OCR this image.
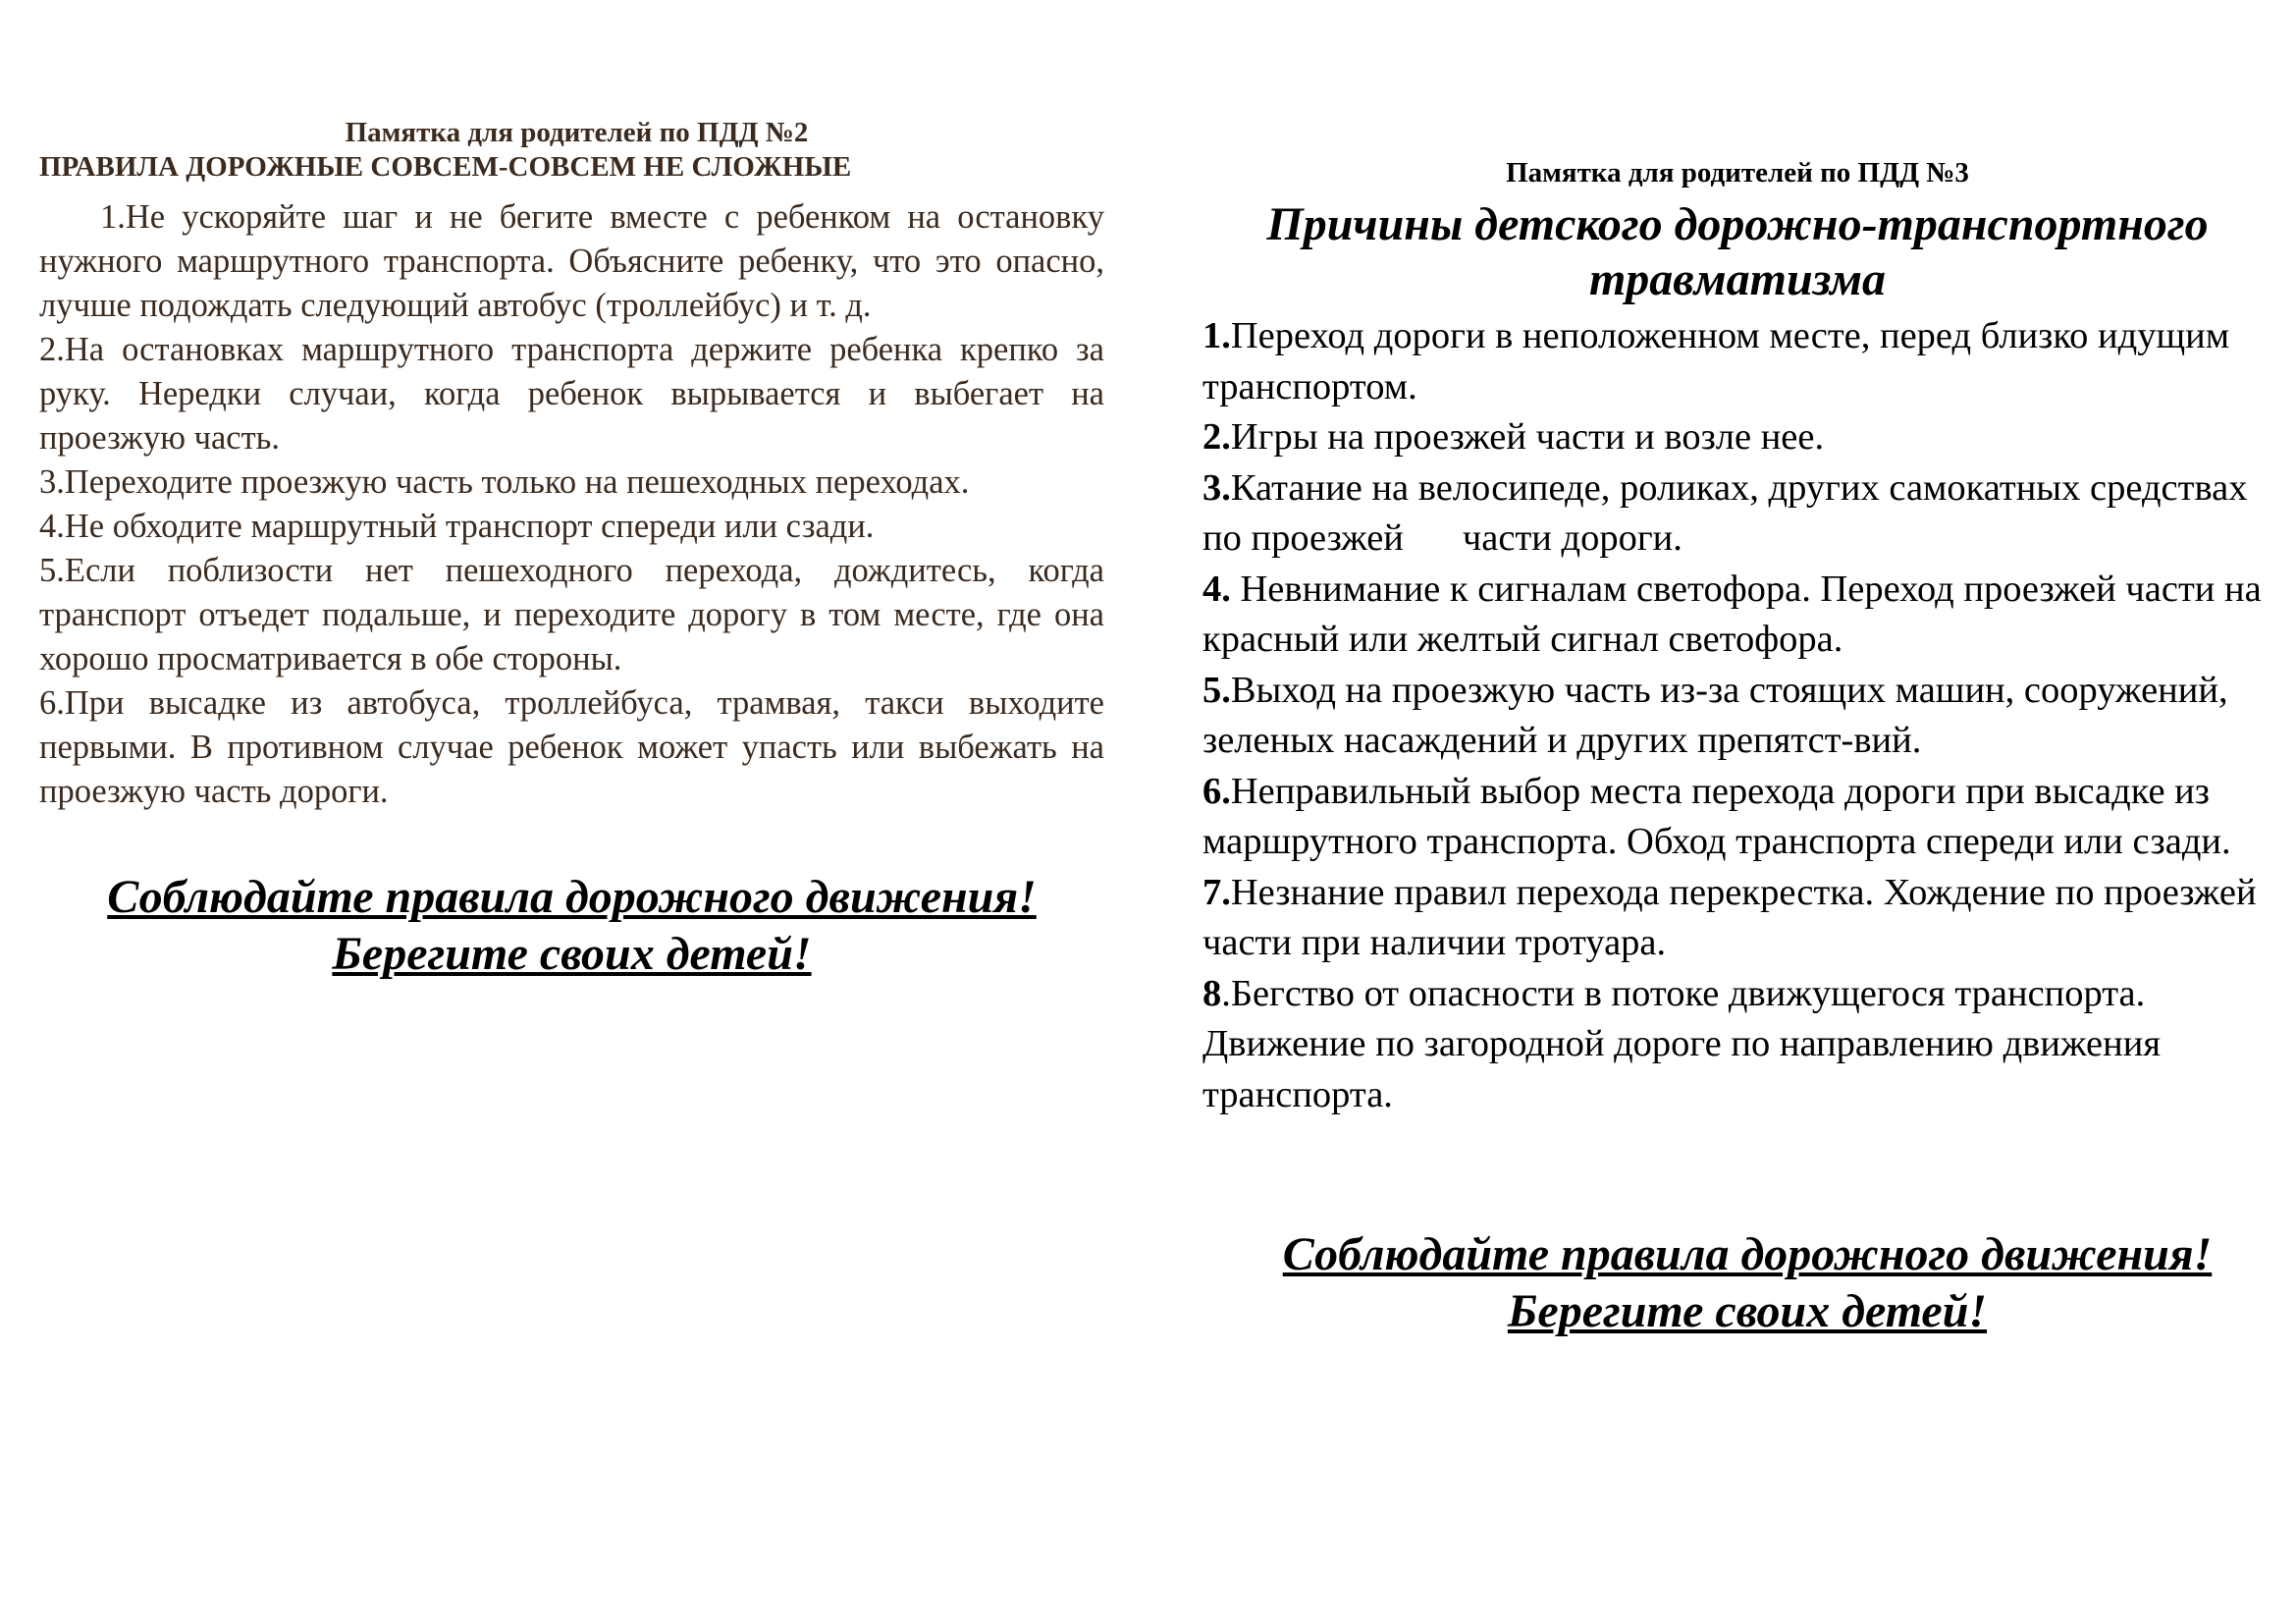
Памятка для родителей по ПДД №2
ПРАВИЛА ДОРОЖНЫЕ СОВСЕМ-СОВСЕМ НЕ СЛОЖНЫЕ

1.Не ускоряйте шаг и не бегите вместе с ребенком на остановку нужного маршрутного транспорта. Объясните ребенку, что это опасно, лучше подождать следующий автобус (троллейбус) и т. д.

2.На остановках маршрутного транспорта держите ребенка крепко за руку. Нередки случаи, когда ребенок вырывается и выбегает на проезжую часть.

3.Переходите проезжую часть только на пешеходных переходах.

4.Не обходите маршрутный транспорт спереди или сзади.

5.Если поблизости нет пешеходного перехода, дождитесь, когда транспорт отъедет подальше, и переходите дорогу в том месте, где она хорошо просматривается в обе стороны.

6.При высадке из автобуса, троллейбуса, трамвая, такси выходите первыми. В противном случае ребенок может упасть или выбежать на проезжую часть дороги.

Соблюдайте правила дорожного движения!
Берегите своих детей!
Памятка для родителей по ПДД №3
Причины детского дорожно-транспортного травматизма

1.Переход дороги в неположенном месте, перед близко идущим транспортом.

2.Игры на проезжей части и возле нее.

3.Катание на велосипеде, роликах, других самокатных средствах по проезжей части дороги.

4. Невнимание к сигналам светофора. Переход проезжей части на красный или желтый сигнал светофора.

5.Выход на проезжую часть из-за стоящих машин, сооружений, зеленых насаждений и других препятст-вий.

6.Неправильный выбор места перехода дороги при высадке из маршрутного транспорта. Обход транспорта спереди или сзади.

7.Незнание правил перехода перекрестка. Хождение по проезжей части при наличии тротуара.

8.Бегство от опасности в потоке движущегося транспорта. Движение по загородной дороге по направлению движения транспорта.

Соблюдайте правила дорожного движения!
Берегите своих детей!
